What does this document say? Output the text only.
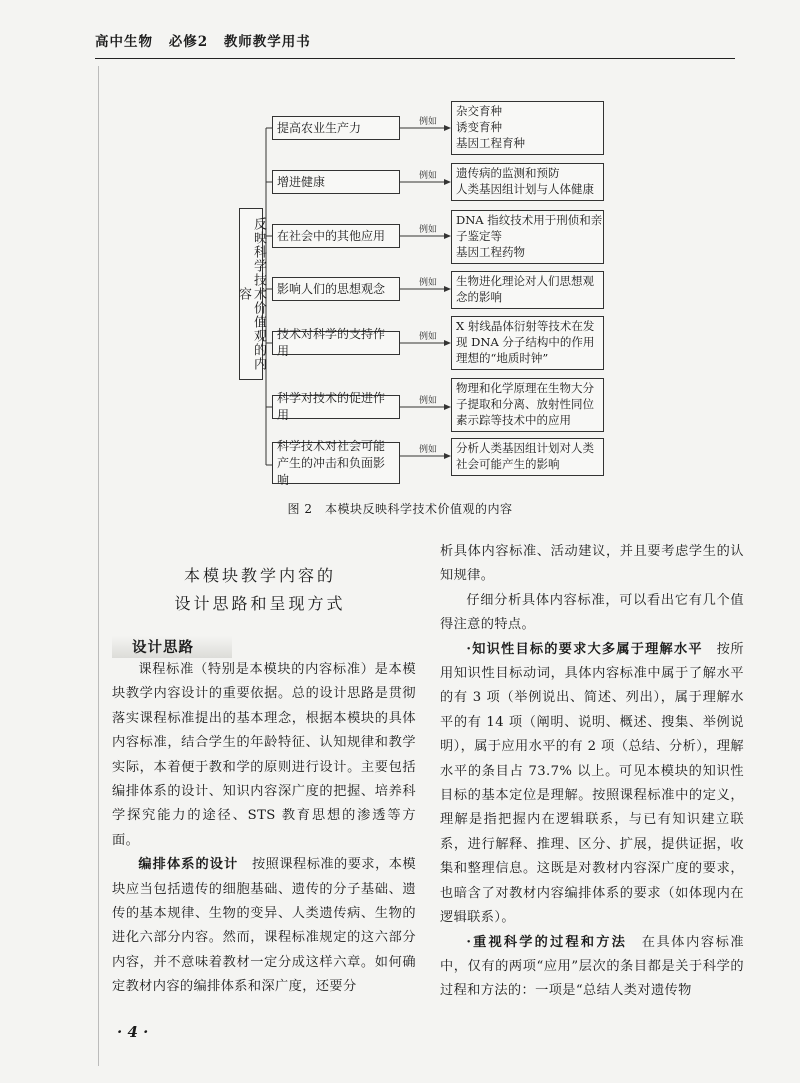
高中生物 必修2 教师教学用书
反映科学技术价值观的内容
提高农业生产力
增进健康
在社会中的其他应用
影响人们的思想观念
技术对科学的支持作用
科学对技术的促进作用
科学技术对社会可能产生的冲击和负面影响
例如
例如
例如
例如
例如
例如
例如
杂交育种
诱变育种
基因工程育种
遗传病的监测和预防
人类基因组计划与人体健康
DNA 指纹技术用于刑侦和亲
子鉴定等
基因工程药物
生物进化理论对人们思想观
念的影响
X 射线晶体衍射等技术在发
现 DNA 分子结构中的作用
理想的“地质时钟”
物理和化学原理在生物大分
子提取和分离、放射性同位
素示踪等技术中的应用
分析人类基因组计划对人类
社会可能产生的影响
图 2　本模块反映科学技术价值观的内容
本模块教学内容的
设计思路和呈现方式
设计思路

课程标准（特别是本模块的内容标准）是本模块教学内容设计的重要依据。总的设计思路是贯彻落实课程标准提出的基本理念，根据本模块的具体内容标准，结合学生的年龄特征、认知规律和教学实际，本着便于教和学的原则进行设计。主要包括编排体系的设计、知识内容深广度的把握、培养科学探究能力的途径、STS 教育思想的渗透等方面。

编排体系的设计　按照课程标准的要求，本模块应当包括遗传的细胞基础、遗传的分子基础、遗传的基本规律、生物的变异、人类遗传病、生物的进化六部分内容。然而，课程标准规定的这六部分内容，并不意味着教材一定分成这样六章。如何确定教材内容的编排体系和深广度，还要分

析具体内容标准、活动建议，并且要考虑学生的认知规律。

仔细分析具体内容标准，可以看出它有几个值得注意的特点。

·知识性目标的要求大多属于理解水平　按所用知识性目标动词，具体内容标准中属于了解水平的有 3 项（举例说出、简述、列出），属于理解水平的有 14 项（阐明、说明、概述、搜集、举例说明），属于应用水平的有 2 项（总结、分析），理解水平的条目占 73.7% 以上。可见本模块的知识性目标的基本定位是理解。按照课程标准中的定义，理解是指把握内在逻辑联系，与已有知识建立联系，进行解释、推理、区分、扩展，提供证据，收集和整理信息。这既是对教材内容深广度的要求，也暗含了对教材内容编排体系的要求（如体现内在逻辑联系）。

·重视科学的过程和方法　在具体内容标准中，仅有的两项“应用”层次的条目都是关于科学的过程和方法的：一项是“总结人类对遗传物

· 4 ·
